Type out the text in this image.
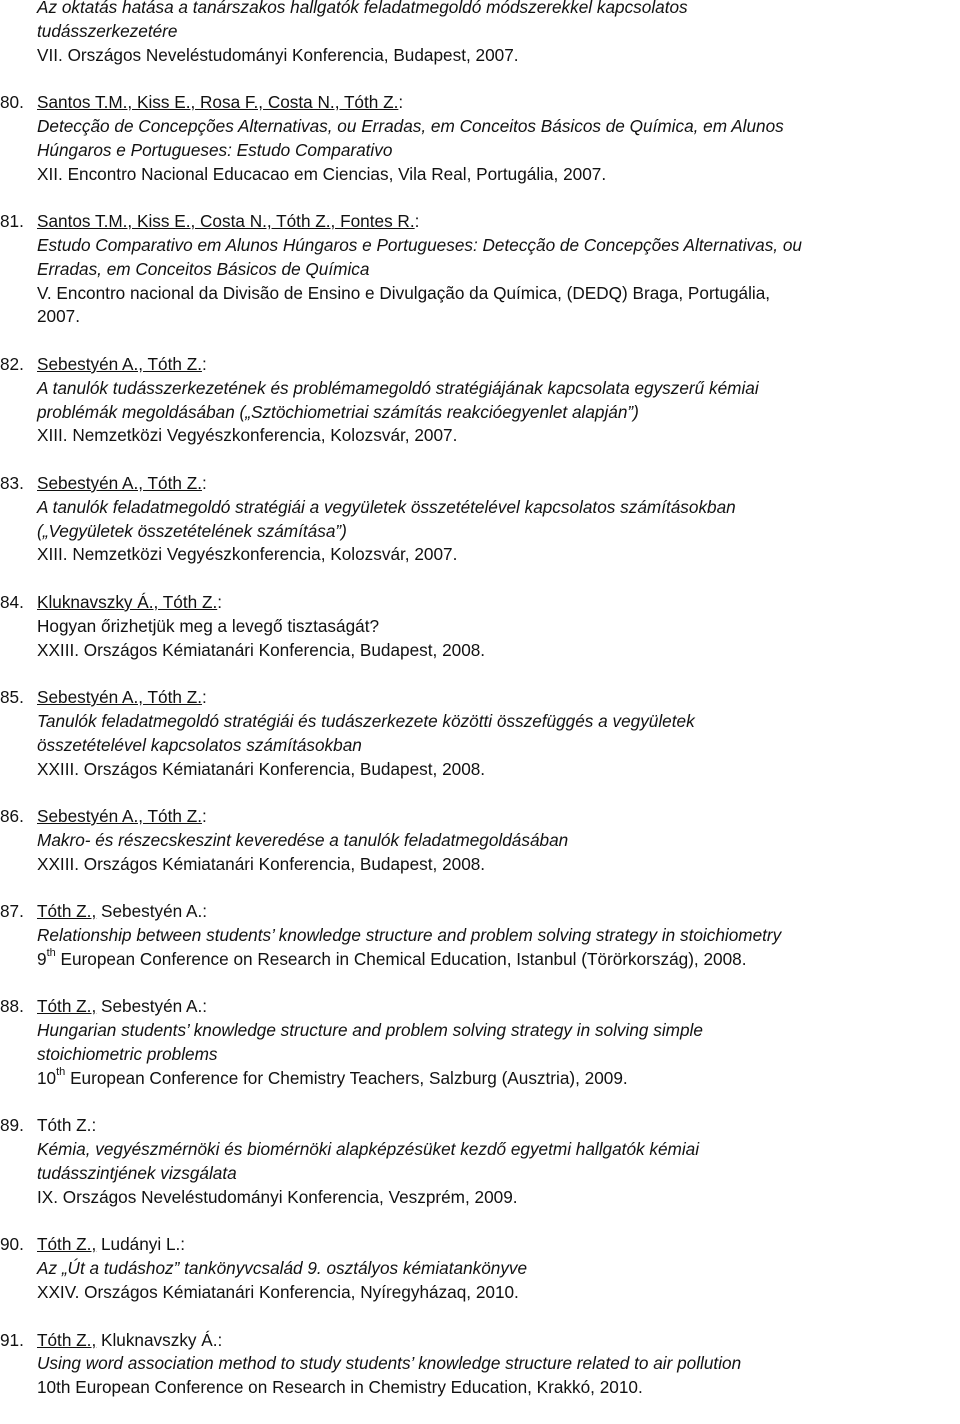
Az oktatás hatása a tanárszakos hallgatók feladatmegoldó módszerekkel kapcsolatos
tudásszerkezetére
VII. Országos Neveléstudományi Konferencia, Budapest, 2007.
80. Santos T.M., Kiss E., Rosa F., Costa N., Tóth Z.:
Detecção de Concepções Alternativas, ou Erradas, em Conceitos Básicos de Química, em Alunos
Húngaros e Portugueses: Estudo Comparativo
XII. Encontro Nacional Educacao em Ciencias, Vila Real, Portugália, 2007.
81. Santos T.M., Kiss E., Costa N., Tóth Z., Fontes R.:
Estudo Comparativo em Alunos Húngaros e Portugueses: Detecção de Concepções Alternativas, ou
Erradas, em Conceitos Básicos de Química
V. Encontro nacional da Divisão de Ensino e Divulgação da Química, (DEDQ) Braga, Portugália,
2007.
82. Sebestyén A., Tóth Z.:
A tanulók tudásszerkezetének és problémamegoldó stratégiájának kapcsolata egyszerű kémiai
problémák megoldásában („Sztöchiometriai számítás reakcióegyenlet alapján”)
XIII. Nemzetközi Vegyészkonferencia, Kolozsvár, 2007.
83. Sebestyén A., Tóth Z.:
A tanulók feladatmegoldó stratégiái a vegyületek összetételével kapcsolatos számításokban
(„Vegyületek összetételének számítása”)
XIII. Nemzetközi Vegyészkonferencia, Kolozsvár, 2007.
84. Kluknavszky Á., Tóth Z.:
Hogyan őrizhetjük meg a levegő tisztaságát?
XXIII. Országos Kémiatanári Konferencia, Budapest, 2008.
85. Sebestyén A., Tóth Z.:
Tanulók feladatmegoldó stratégiái és tudászerkezete közötti összefüggés a vegyületek
összetételével kapcsolatos számításokban
XXIII. Országos Kémiatanári Konferencia, Budapest, 2008.
86. Sebestyén A., Tóth Z.:
Makro- és részecskeszint keveredése a tanulók feladatmegoldásában
XXIII. Országos Kémiatanári Konferencia, Budapest, 2008.
87. Tóth Z., Sebestyén A.:
Relationship between students’ knowledge structure and problem solving strategy in stoichiometry
9th European Conference on Research in Chemical Education, Istanbul (Törörkország), 2008.
88. Tóth Z., Sebestyén A.:
Hungarian students’ knowledge structure and problem solving strategy in solving simple
stoichiometric problems
10th European Conference for Chemistry Teachers, Salzburg (Ausztria), 2009.
89. Tóth Z.:
Kémia, vegyészmérnöki és biomérnöki alapképzésüket kezdő egyetmi hallgatók kémiai
tudásszintjének vizsgálata
IX. Országos Neveléstudományi Konferencia, Veszprém, 2009.
90. Tóth Z., Ludányi L.:
Az „Út a tudáshoz” tankönyvcsalád 9. osztályos kémiatankönyve
XXIV. Országos Kémiatanári Konferencia, Nyíregyházaq, 2010.
91. Tóth Z., Kluknavszky Á.:
Using word association method to study students’ knowledge structure related to air pollution
10th European Conference on Research in Chemistry Education, Krakkó, 2010.
